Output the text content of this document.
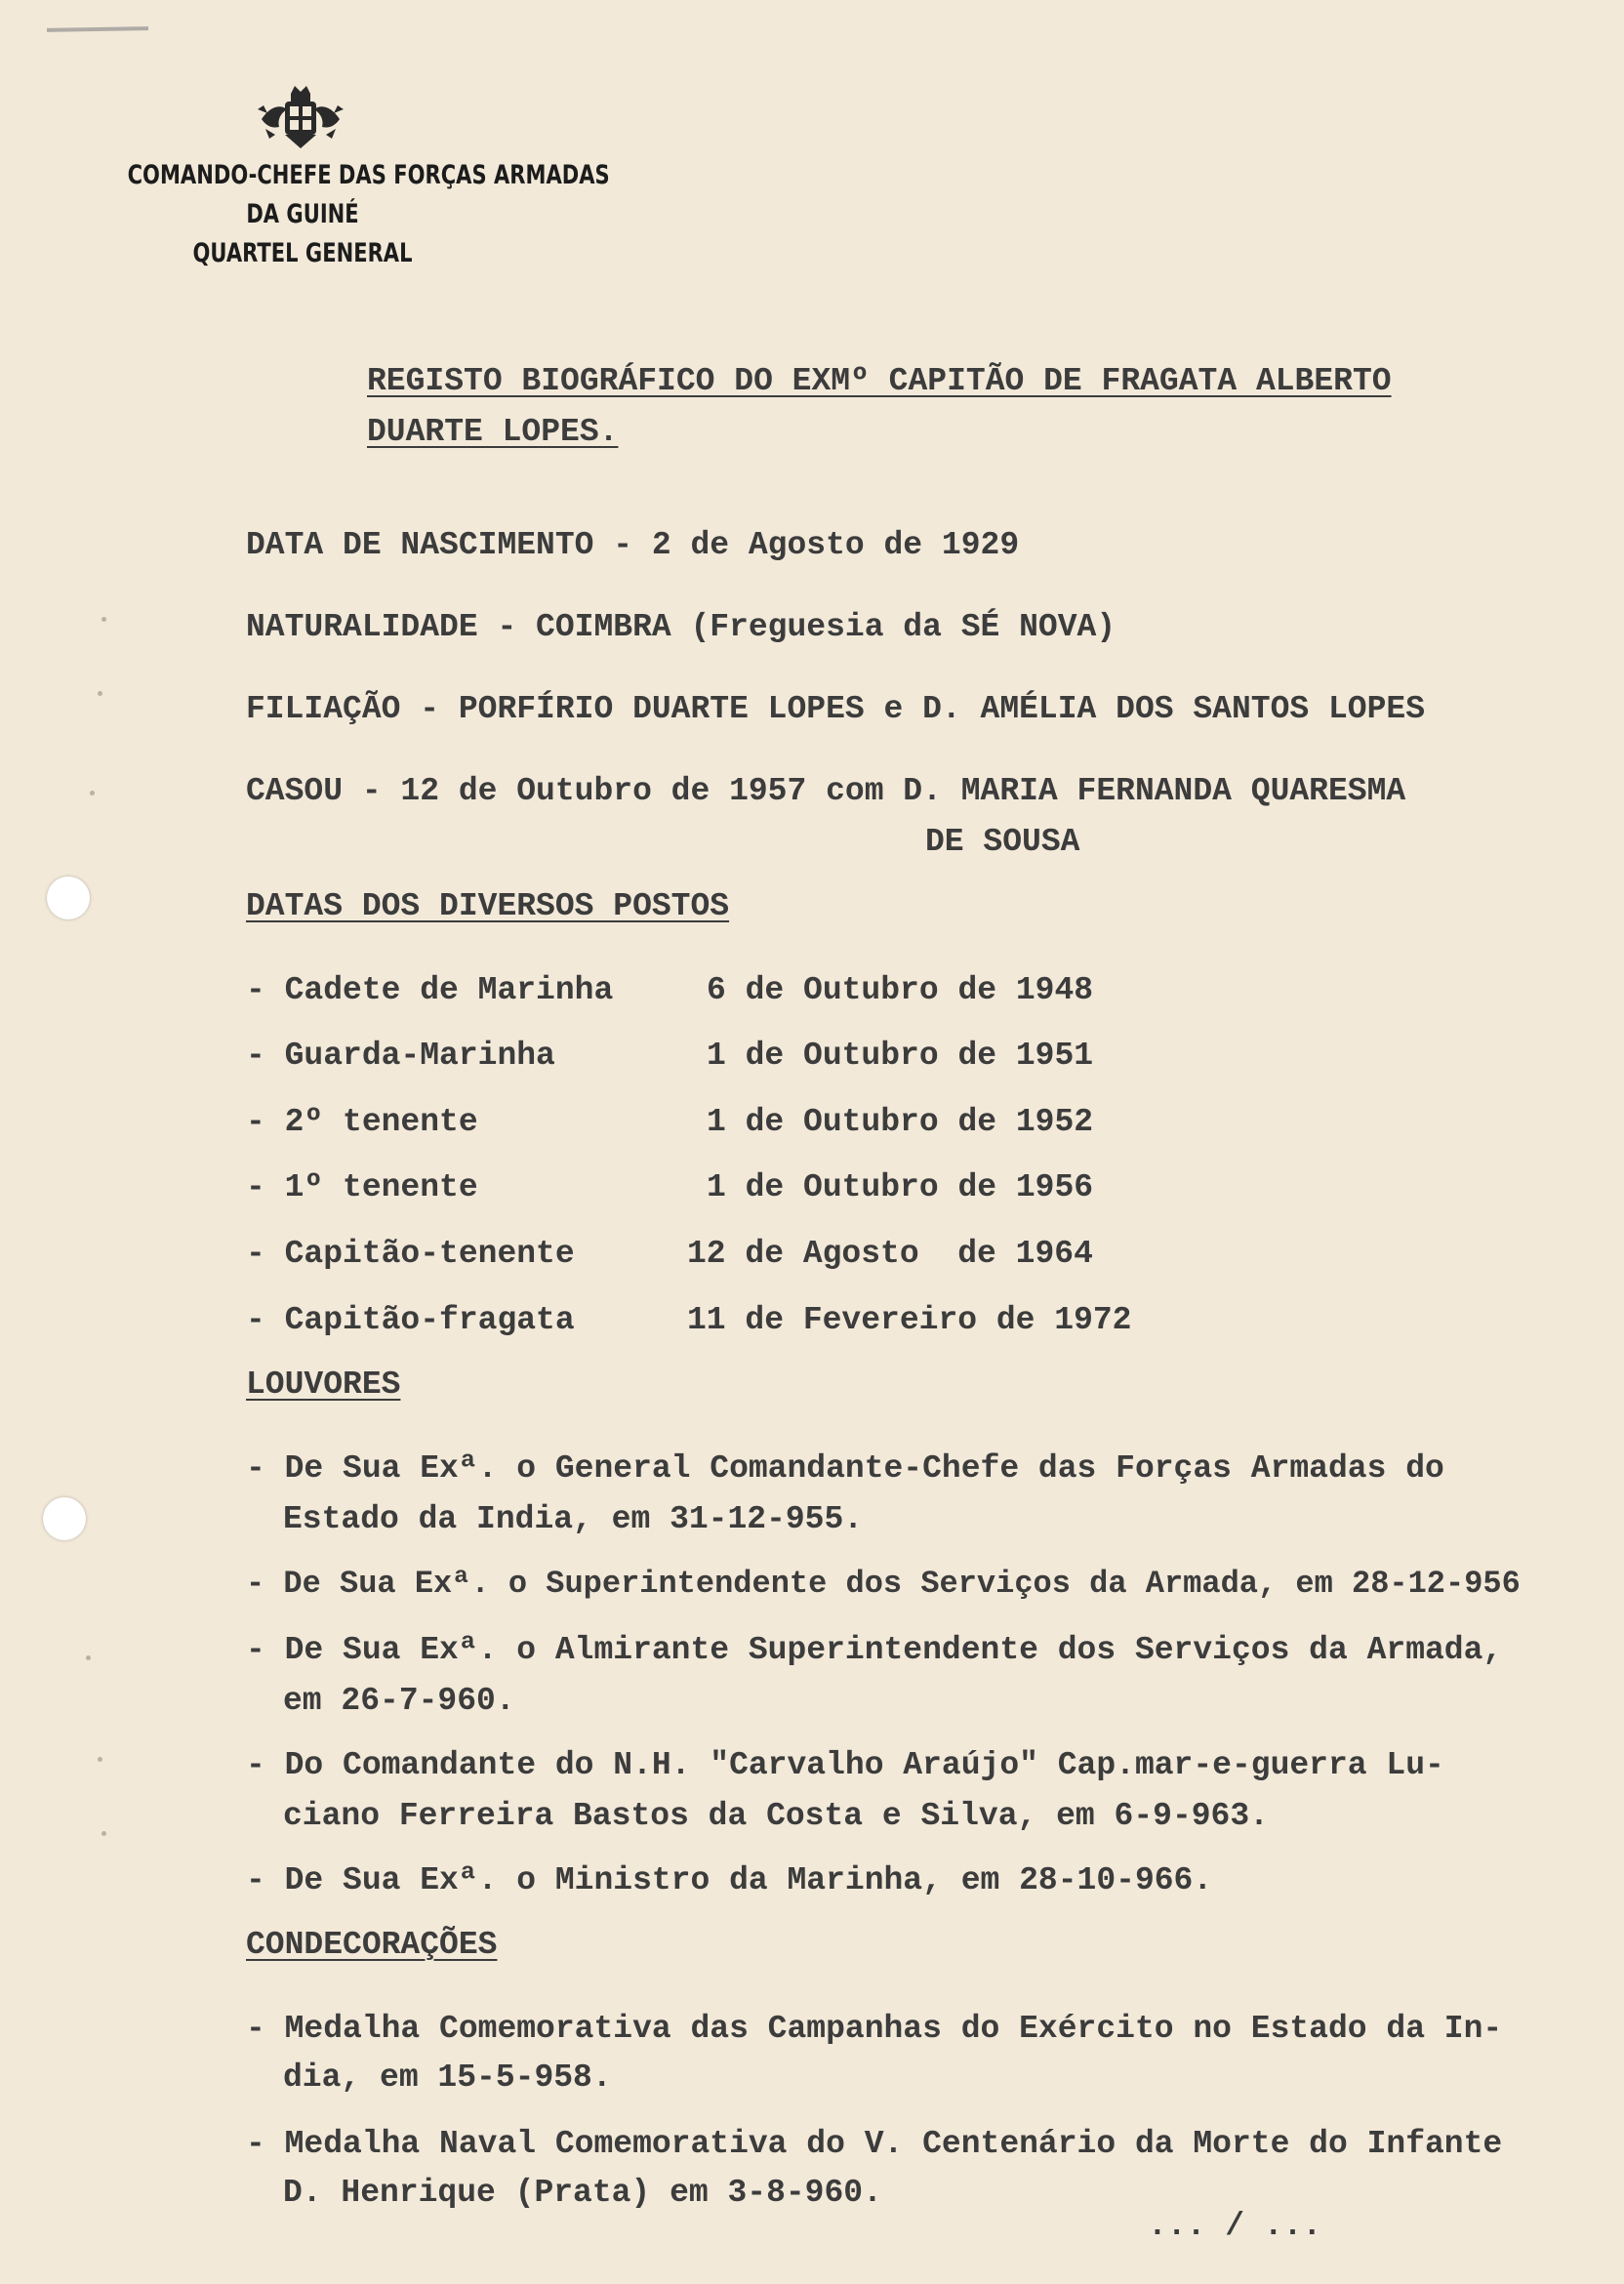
COMANDO-CHEFE DAS FORÇAS ARMADAS
DA GUINÉ
QUARTEL GENERAL
REGISTO BIOGRÁFICO DO EXMº CAPITÃO DE FRAGATA ALBERTO
DUARTE LOPES.
DATA DE NASCIMENTO - 2 de Agosto de 1929
NATURALIDADE - COIMBRA (Freguesia da SÉ NOVA)
FILIAÇÃO - PORFÍRIO DUARTE LOPES e D. AMÉLIA DOS SANTOS LOPES
CASOU - 12 de Outubro de 1957 com D. MARIA FERNANDA QUARESMA
DE SOUSA
DATAS DOS DIVERSOS POSTOS
- Cadete de Marinha	6 de Outubro de 1948
- Guarda-Marinha	1 de Outubro de 1951
- 2º tenente	1 de Outubro de 1952
- 1º tenente	1 de Outubro de 1956
- Capitão-tenente	12 de Agosto  de 1964
- Capitão-fragata	11 de Fevereiro de 1972
LOUVORES
- De Sua Exª. o General Comandante-Chefe das Forças Armadas do
Estado da India, em 31-12-955.
- De Sua Exª. o Superintendente dos Serviços da Armada, em 28-12-956
- De Sua Exª. o Almirante Superintendente dos Serviços da Armada,
em 26-7-960.
- Do Comandante do N.H. "Carvalho Araújo" Cap.mar-e-guerra Lu-
ciano Ferreira Bastos da Costa e Silva, em 6-9-963.
- De Sua Exª. o Ministro da Marinha, em 28-10-966.
CONDECORAÇÕES
- Medalha Comemorativa das Campanhas do Exército no Estado da In-
dia, em 15-5-958.
- Medalha Naval Comemorativa do V. Centenário da Morte do Infante
D. Henrique (Prata) em 3-8-960.
... / ...
